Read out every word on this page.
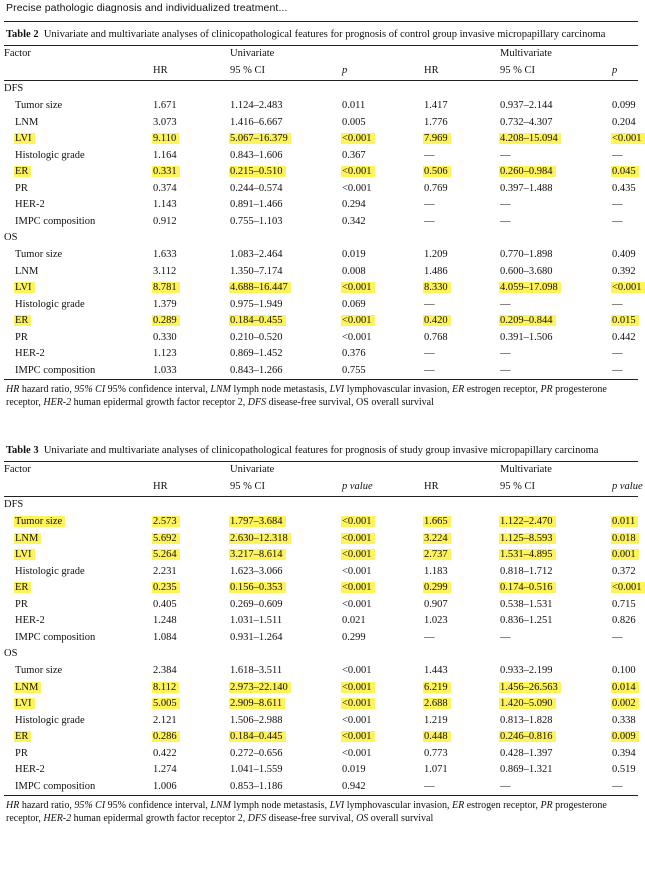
Precise pathologic diagnosis and individualized treatment...
Table 2 Univariate and multivariate analyses of clinicopathological features for prognosis of control group invasive micropapillary carcinoma
Factor		Univariate			Multivariate	
	HR	95 % CI	p	HR	95 % CI	p
DFS						
Tumor size	1.671	1.124–2.483	0.011	1.417	0.937–2.144	0.099
LNM	3.073	1.416–6.667	0.005	1.776	0.732–4.307	0.204
LVI	9.110	5.067–16.379	<0.001	7.969	4.208–15.094	<0.001
Histologic grade	1.164	0.843–1.606	0.367	—	—	—
ER	0.331	0.215–0.510	<0.001	0.506	0.260–0.984	0.045
PR	0.374	0.244–0.574	<0.001	0.769	0.397–1.488	0.435
HER-2	1.143	0.891–1.466	0.294	—	—	—
IMPC composition	0.912	0.755–1.103	0.342	—	—	—
OS						
Tumor size	1.633	1.083–2.464	0.019	1.209	0.770–1.898	0.409
LNM	3.112	1.350–7.174	0.008	1.486	0.600–3.680	0.392
LVI	8.781	4.688–16.447	<0.001	8.330	4.059–17.098	<0.001
Histologic grade	1.379	0.975–1.949	0.069	—	—	—
ER	0.289	0.184–0.455	<0.001	0.420	0.209–0.844	0.015
PR	0.330	0.210–0.520	<0.001	0.768	0.391–1.506	0.442
HER-2	1.123	0.869–1.452	0.376	—	—	—
IMPC composition	1.033	0.843–1.266	0.755	—	—	—
HR hazard ratio, 95% CI 95% confidence interval, LNM lymph node metastasis, LVI lymphovascular invasion, ER estrogen receptor, PR progesterone receptor, HER-2 human epidermal growth factor receptor 2, DFS disease-free survival, OS overall survival
Table 3 Univariate and multivariate analyses of clinicopathological features for prognosis of study group invasive micropapillary carcinoma
Factor		Univariate			Multivariate	
	HR	95 % CI	p value	HR	95 % CI	p value
DFS						
Tumor size	2.573	1.797–3.684	<0.001	1.665	1.122–2.470	0.011
LNM	5.692	2.630–12.318	<0.001	3.224	1.125–8.593	0.018
LVI	5.264	3.217–8.614	<0.001	2.737	1.531–4.895	0.001
Histologic grade	2.231	1.623–3.066	<0.001	1.183	0.818–1.712	0.372
ER	0.235	0.156–0.353	<0.001	0.299	0.174–0.516	<0.001
PR	0.405	0.269–0.609	<0.001	0.907	0.538–1.531	0.715
HER-2	1.248	1.031–1.511	0.021	1.023	0.836–1.251	0.826
IMPC composition	1.084	0.931–1.264	0.299	—	—	—
OS						
Tumor size	2.384	1.618–3.511	<0.001	1.443	0.933–2.199	0.100
LNM	8.112	2.973–22.140	<0.001	6.219	1.456–26.563	0.014
LVI	5.005	2.909–8.611	<0.001	2.688	1.420–5.090	0.002
Histologic grade	2.121	1.506–2.988	<0.001	1.219	0.813–1.828	0.338
ER	0.286	0.184–0.445	<0.001	0.448	0.246–0.816	0.009
PR	0.422	0.272–0.656	<0.001	0.773	0.428–1.397	0.394
HER-2	1.274	1.041–1.559	0.019	1.071	0.869–1.321	0.519
IMPC composition	1.006	0.853–1.186	0.942	—	—	—
HR hazard ratio, 95% CI 95% confidence interval, LNM lymph node metastasis, LVI lymphovascular invasion, ER estrogen receptor, PR progesterone receptor, HER-2 human epidermal growth factor receptor 2, DFS disease-free survival, OS overall survival
